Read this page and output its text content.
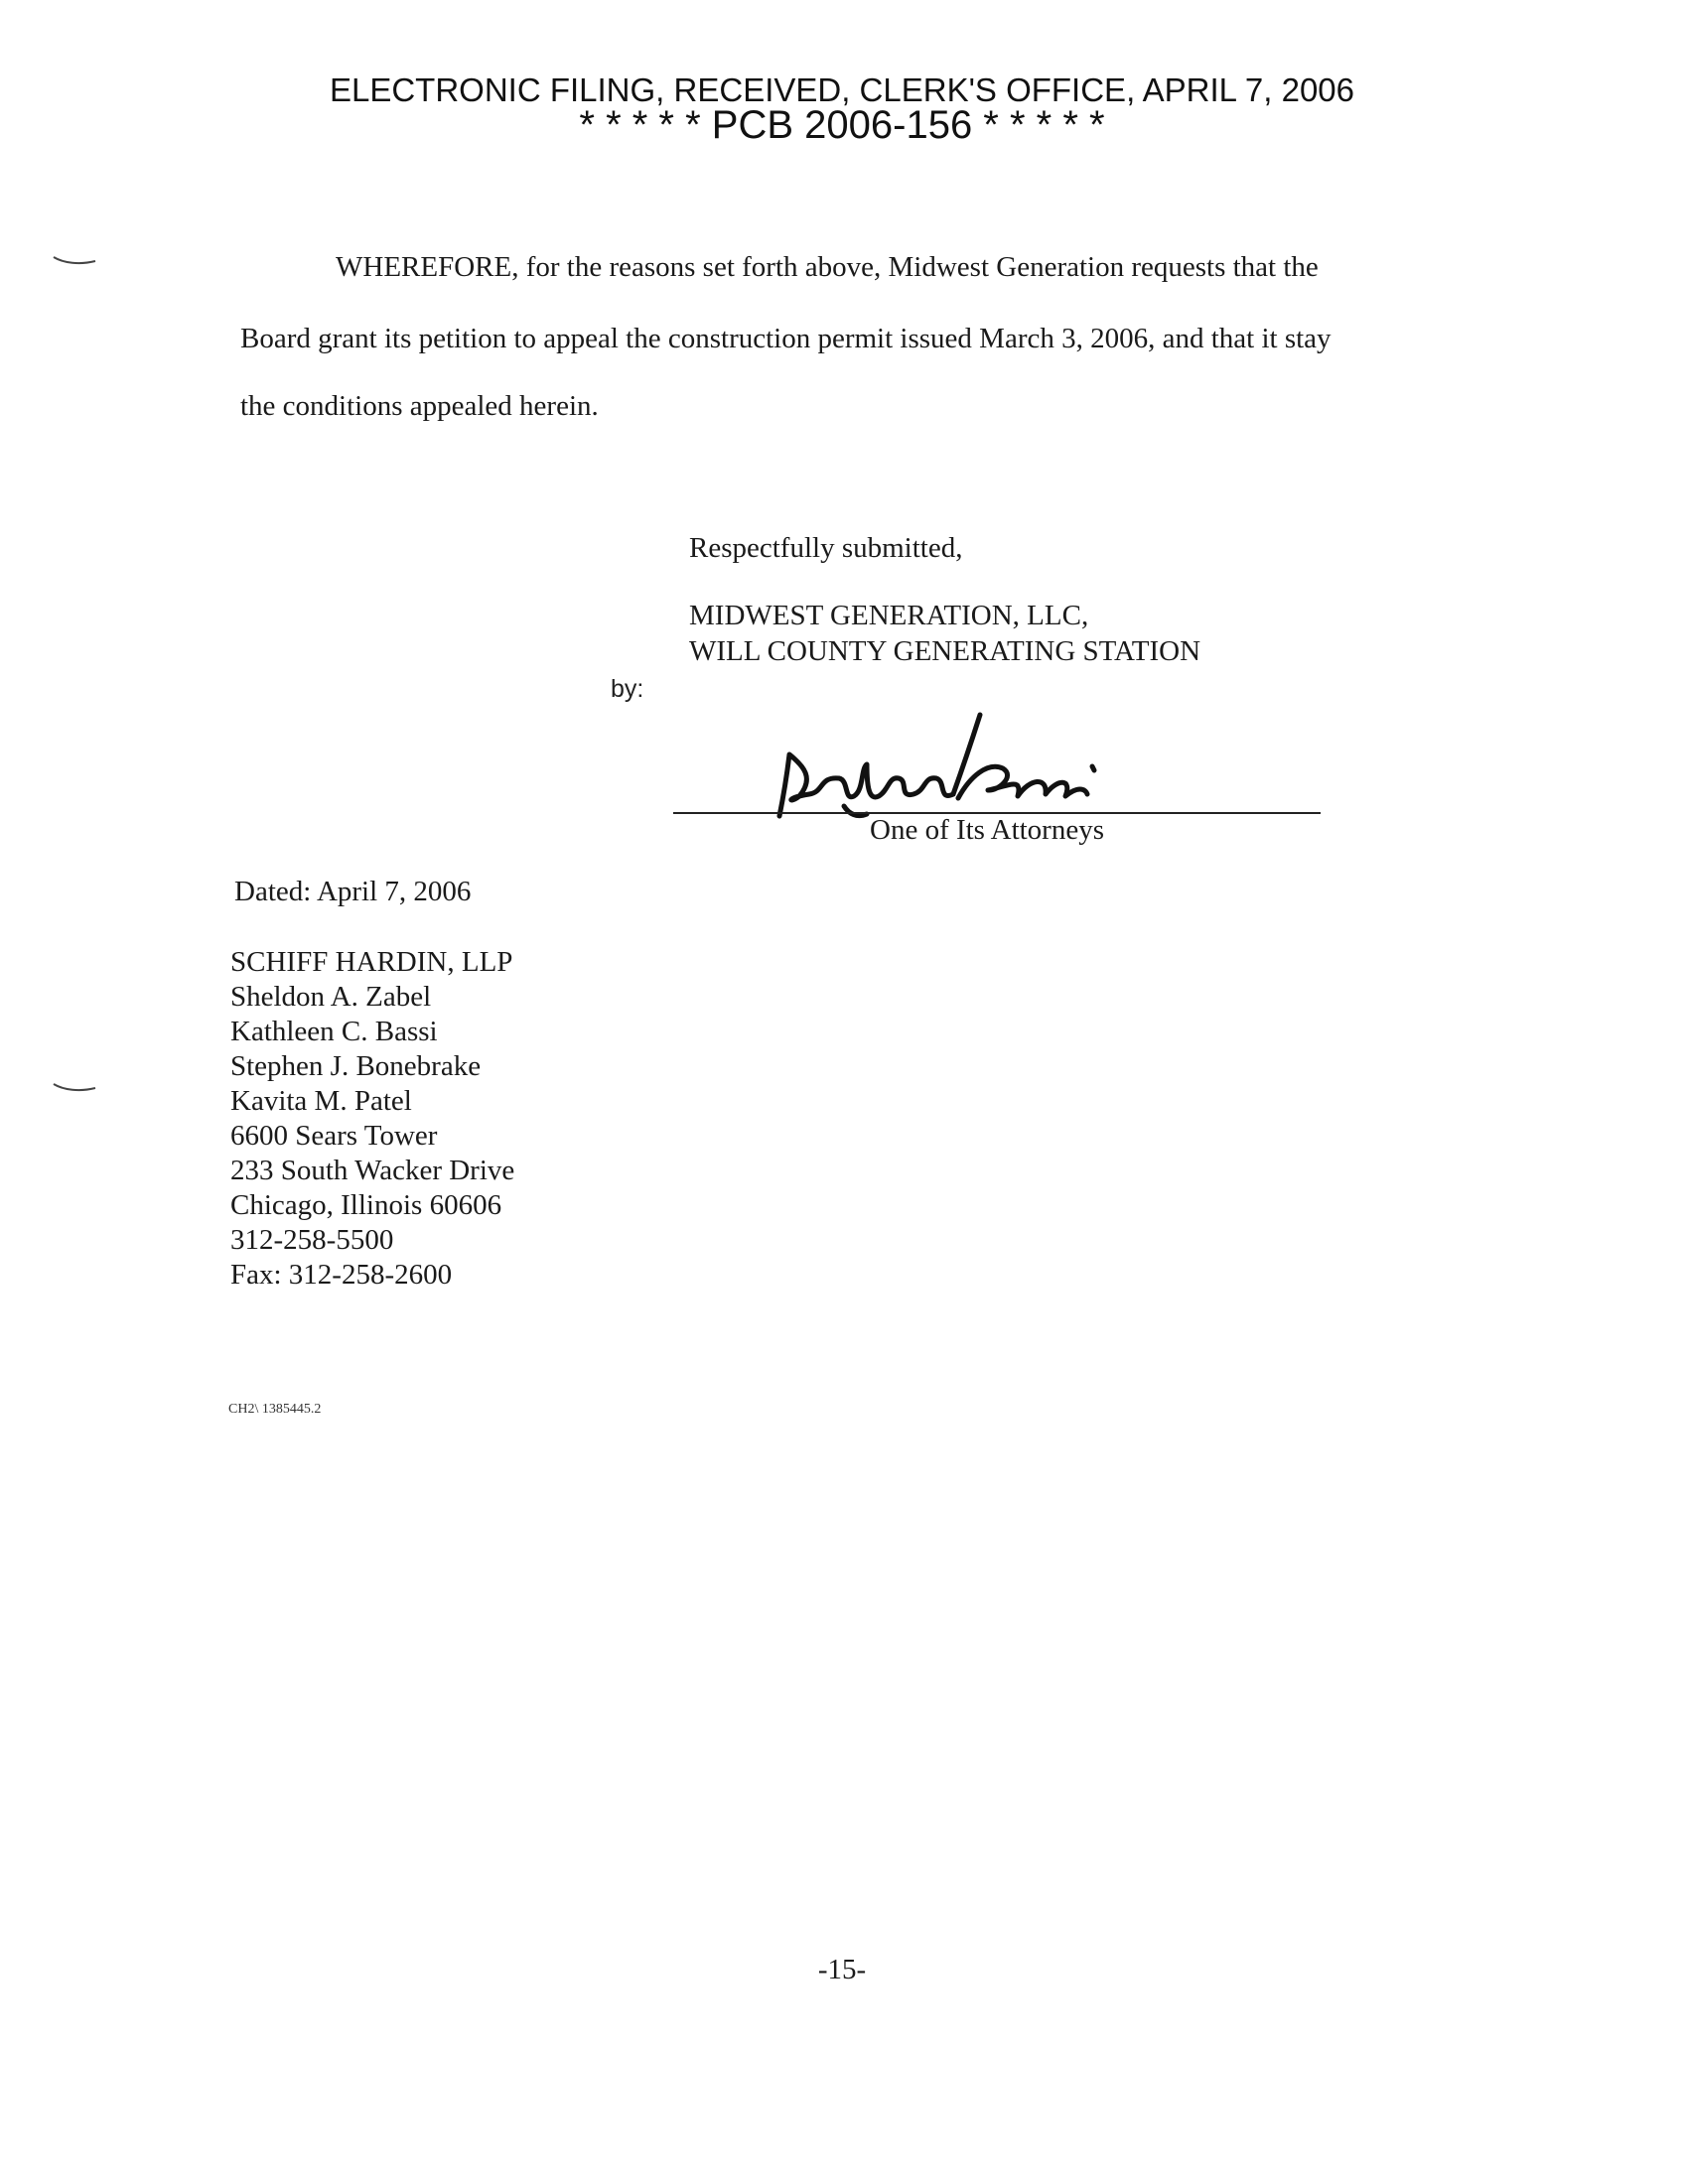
ELECTRONIC FILING, RECEIVED, CLERK'S OFFICE, APRIL 7, 2006
* * * * * PCB 2006-156 * * * * *
WHEREFORE, for the reasons set forth above, Midwest Generation requests that the
Board grant its petition to appeal the construction permit issued March 3, 2006, and that it stay
the conditions appealed herein.
Respectfully submitted,
MIDWEST GENERATION, LLC,
WILL COUNTY GENERATING STATION
by:
One of Its Attorneys
Dated: April 7, 2006
SCHIFF HARDIN, LLP
Sheldon A. Zabel
Kathleen C. Bassi
Stephen J. Bonebrake
Kavita M. Patel
6600 Sears Tower
233 South Wacker Drive
Chicago, Illinois 60606
312-258-5500
Fax: 312-258-2600
CH2\ 1385445.2
-15-
